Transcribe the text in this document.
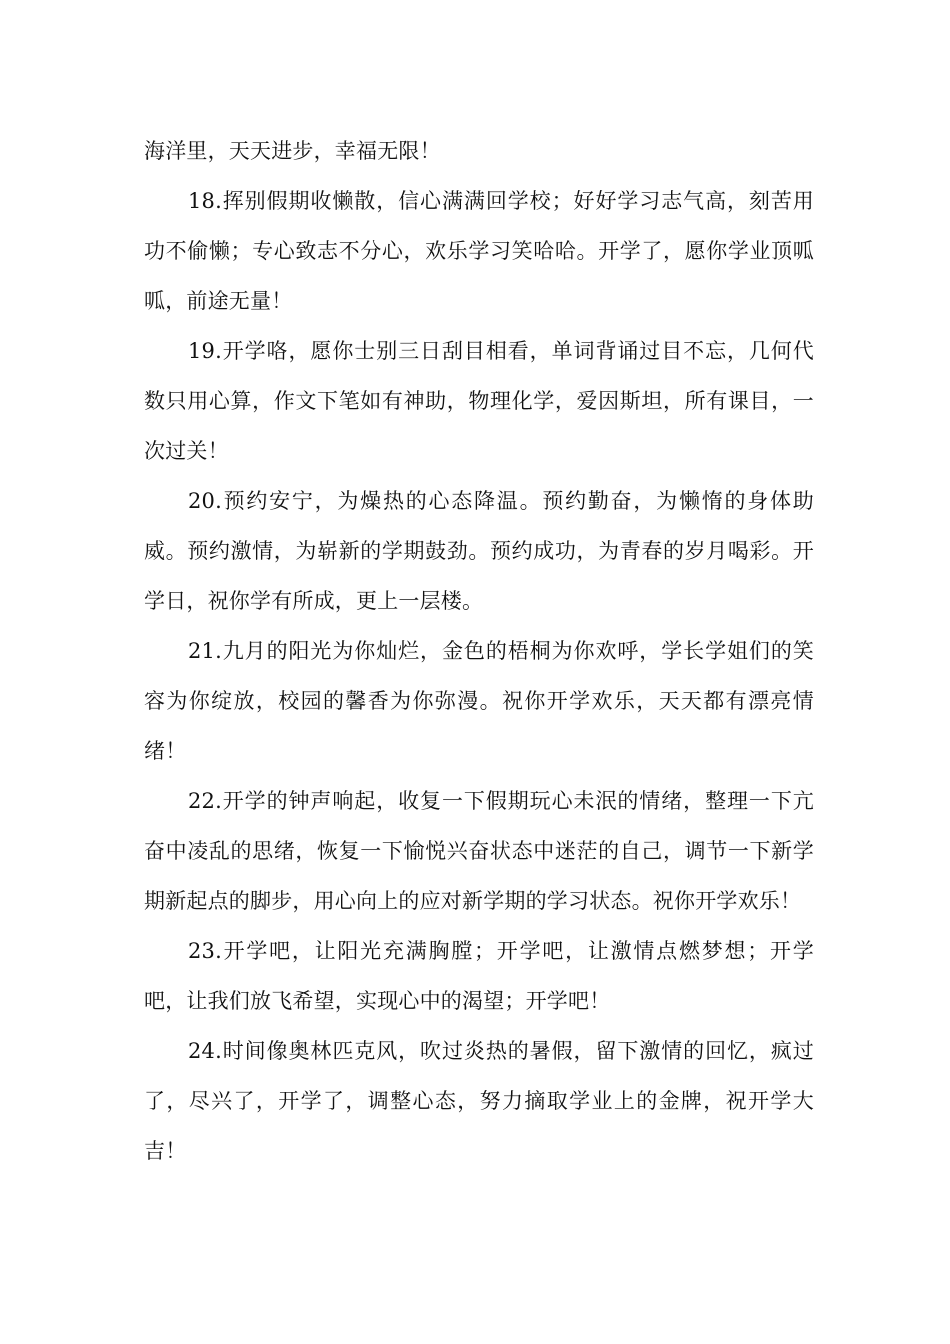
海洋里，天天进步，幸福无限！

18.挥别假期收懒散，信心满满回学校；好好学习志气高，刻苦用功不偷懒；专心致志不分心，欢乐学习笑哈哈。开学了，愿你学业顶呱呱，前途无量！

19.开学咯，愿你士别三日刮目相看，单词背诵过目不忘，几何代数只用心算，作文下笔如有神助，物理化学，爱因斯坦，所有课目，一次过关！

20.预约安宁，为燥热的心态降温。预约勤奋，为懒惰的身体助威。预约激情，为崭新的学期鼓劲。预约成功，为青春的岁月喝彩。开学日，祝你学有所成，更上一层楼。

21.九月的阳光为你灿烂，金色的梧桐为你欢呼，学长学姐们的笑容为你绽放，校园的馨香为你弥漫。祝你开学欢乐，天天都有漂亮情绪！

22.开学的钟声响起，收复一下假期玩心未泯的情绪，整理一下亢奋中凌乱的思绪，恢复一下愉悦兴奋状态中迷茫的自己，调节一下新学期新起点的脚步，用心向上的应对新学期的学习状态。祝你开学欢乐！

23.开学吧，让阳光充满胸膛；开学吧，让激情点燃梦想；开学吧，让我们放飞希望，实现心中的渴望；开学吧！

24.时间像奥林匹克风，吹过炎热的暑假，留下激情的回忆，疯过了，尽兴了，开学了，调整心态，努力摘取学业上的金牌，祝开学大吉！
